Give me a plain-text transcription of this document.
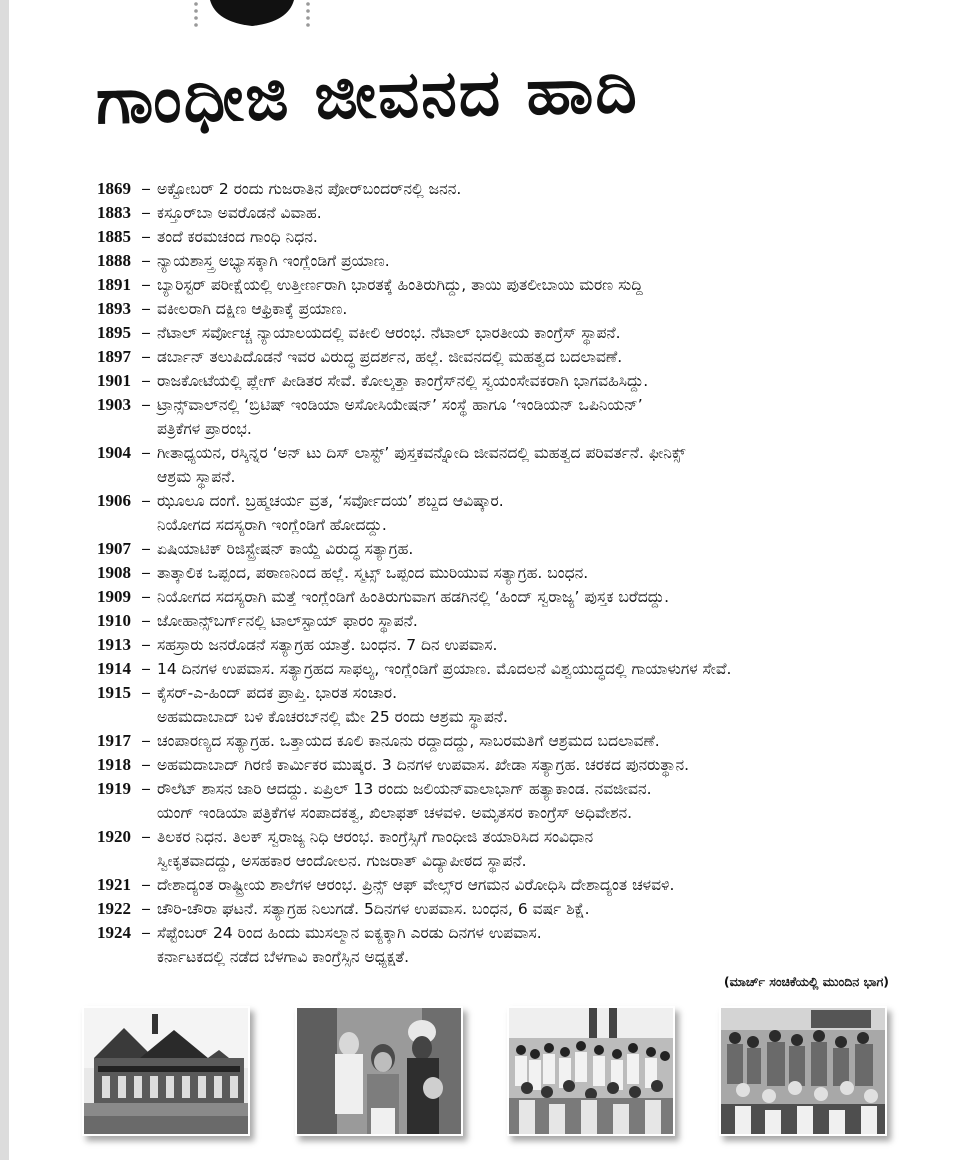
ಗಾಂಧೀಜಿ ಜೀವನದ ಹಾದಿ
1869 – ಅಕ್ಟೋಬರ್ 2 ರಂದು ಗುಜರಾತಿನ ಪೋರ್‌ಬಂದರ್‌ನಲ್ಲಿ ಜನನ.
1883 – ಕಸ್ತೂರ್‌ಬಾ ಅವರೊಡನೆ ವಿವಾಹ.
1885 – ತಂದೆ ಕರಮಚಂದ ಗಾಂಧಿ ನಿಧನ.
1888 – ನ್ಯಾಯಶಾಸ್ತ್ರ ಅಭ್ಯಾಸಕ್ಕಾಗಿ ಇಂಗ್ಲೆಂಡಿಗೆ ಪ್ರಯಾಣ.
1891 – ಬ್ಯಾರಿಸ್ಟರ್ ಪರೀಕ್ಷೆಯಲ್ಲಿ ಉತ್ತೀರ್ಣರಾಗಿ ಭಾರತಕ್ಕೆ ಹಿಂತಿರುಗಿದ್ದು, ತಾಯಿ ಪುತಲೀಬಾಯಿ ಮರಣ ಸುದ್ದಿ
1893 – ವಕೀಲರಾಗಿ ದಕ್ಷಿಣ ಆಫ್ರಿಕಾಕ್ಕೆ ಪ್ರಯಾಣ.
1895 – ನೆಟಾಲ್ ಸರ್ವೋಚ್ಚ ನ್ಯಾಯಾಲಯದಲ್ಲಿ ವಕೀಲಿ ಆರಂಭ. ನೆಟಾಲ್ ಭಾರತೀಯ ಕಾಂಗ್ರೆಸ್ ಸ್ಥಾಪನೆ.
1897 – ಡರ್ಬಾನ್ ತಲುಪಿದೊಡನೆ ಇವರ ವಿರುದ್ಧ ಪ್ರದರ್ಶನ, ಹಲ್ಲೆ. ಜೀವನದಲ್ಲಿ ಮಹತ್ವದ ಬದಲಾವಣೆ.
1901 – ರಾಜಕೋಟೆಯಲ್ಲಿ ಪ್ಲೇಗ್ ಪೀಡಿತರ ಸೇವೆ. ಕೋಲ್ಕತ್ತಾ ಕಾಂಗ್ರೆಸ್‌ನಲ್ಲಿ ಸ್ವಯಂಸೇವಕರಾಗಿ ಭಾಗವಹಿಸಿದ್ದು.
1903 – ಟ್ರಾನ್ಸ್‌ವಾಲ್‌ನಲ್ಲಿ ‘ಬ್ರಿಟಿಷ್ ಇಂಡಿಯಾ ಅಸೋಸಿಯೇಷನ್’ ಸಂಸ್ಥೆ ಹಾಗೂ ‘ಇಂಡಿಯನ್ ಒಪಿನಿಯನ್’
ಪತ್ರಿಕೆಗಳ ಪ್ರಾರಂಭ.
1904 – ಗೀತಾಧ್ಯಯನ, ರಸ್ಕಿನ್ನರ ‘ಅನ್ ಟು ದಿಸ್ ಲಾಸ್ಟ್’ ಪುಸ್ತಕವನ್ನೋದಿ ಜೀವನದಲ್ಲಿ ಮಹತ್ವದ ಪರಿವರ್ತನೆ. ಫೀನಿಕ್ಸ್
ಆಶ್ರಮ ಸ್ಥಾಪನೆ.
1906 – ಝೂಲೂ ದಂಗೆ. ಬ್ರಹ್ಮಚರ್ಯ ವ್ರತ, ‘ಸರ್ವೋದಯ’ ಶಬ್ದದ ಆವಿಷ್ಕಾರ.
ನಿಯೋಗದ ಸದಸ್ಯರಾಗಿ ಇಂಗ್ಲೆಂಡಿಗೆ ಹೋದದ್ದು.
1907 – ಏಷಿಯಾಟಿಕ್ ರಿಜಿಸ್ಟ್ರೇಷನ್ ಕಾಯ್ದೆ ವಿರುದ್ಧ ಸತ್ಯಾಗ್ರಹ.
1908 – ತಾತ್ಕಾಲಿಕ ಒಪ್ಪಂದ, ಪಠಾಣನಿಂದ ಹಲ್ಲೆ. ಸ್ಮಟ್ಸ್ ಒಪ್ಪಂದ ಮುರಿಯುವ ಸತ್ಯಾಗ್ರಹ. ಬಂಧನ.
1909 – ನಿಯೋಗದ ಸದಸ್ಯರಾಗಿ ಮತ್ತೆ ಇಂಗ್ಲೆಂಡಿಗೆ ಹಿಂತಿರುಗುವಾಗ ಹಡಗಿನಲ್ಲಿ ‘ಹಿಂದ್ ಸ್ವರಾಜ್ಯ’ ಪುಸ್ತಕ ಬರೆದದ್ದು.
1910 – ಜೋಹಾನ್ಸ್‌ಬರ್ಗ್‌ನಲ್ಲಿ ಟಾಲ್‌ಸ್ಟಾಯ್ ಫಾರಂ ಸ್ಥಾಪನೆ.
1913 – ಸಹಸ್ರಾರು ಜನರೊಡನೆ ಸತ್ಯಾಗ್ರಹ ಯಾತ್ರೆ. ಬಂಧನ. 7 ದಿನ ಉಪವಾಸ.
1914 – 14 ದಿನಗಳ ಉಪವಾಸ. ಸತ್ಯಾಗ್ರಹದ ಸಾಫಲ್ಯ, ಇಂಗ್ಲೆಂಡಿಗೆ ಪ್ರಯಾಣ. ಮೊದಲನೆ ವಿಶ್ವಯುದ್ಧದಲ್ಲಿ ಗಾಯಾಳುಗಳ ಸೇವೆ.
1915 – ಕೈಸರ್-ಎ-ಹಿಂದ್ ಪದಕ ಪ್ರಾಪ್ತಿ. ಭಾರತ ಸಂಚಾರ.
ಅಹಮದಾಬಾದ್ ಬಳಿ ಕೊಚರಬ್‌ನಲ್ಲಿ ಮೇ 25 ರಂದು ಆಶ್ರಮ ಸ್ಥಾಪನೆ.
1917 – ಚಂಪಾರಣ್ಯದ ಸತ್ಯಾಗ್ರಹ. ಒತ್ತಾಯದ ಕೂಲಿ ಕಾನೂನು ರದ್ದಾದದ್ದು, ಸಾಬರಮತಿಗೆ ಆಶ್ರಮದ ಬದಲಾವಣೆ.
1918 – ಅಹಮದಾಬಾದ್ ಗಿರಣಿ ಕಾರ್ಮಿಕರ ಮುಷ್ಕರ. 3 ದಿನಗಳ ಉಪವಾಸ. ಖೇಡಾ ಸತ್ಯಾಗ್ರಹ. ಚರಕದ ಪುನರುತ್ಥಾನ.
1919 – ರೌಲೆಟ್ ಶಾಸನ ಜಾರಿ ಆದದ್ದು. ಏಪ್ರಿಲ್ 13 ರಂದು ಜಲಿಯನ್‌ವಾಲಾಭಾಗ್ ಹತ್ಯಾಕಾಂಡ. ನವಜೀವನ.
ಯಂಗ್ ಇಂಡಿಯಾ ಪತ್ರಿಕೆಗಳ ಸಂಪಾದಕತ್ವ, ಖಿಲಾಫತ್ ಚಳವಳಿ. ಅಮೃತಸರ ಕಾಂಗ್ರೆಸ್ ಅಧಿವೇಶನ.
1920 – ತಿಲಕರ ನಿಧನ. ತಿಲಕ್ ಸ್ವರಾಜ್ಯ ನಿಧಿ ಆರಂಭ. ಕಾಂಗ್ರೆಸ್ಸಿಗೆ ಗಾಂಧೀಜಿ ತಯಾರಿಸಿದ ಸಂವಿಧಾನ
ಸ್ವೀಕೃತವಾದದ್ದು, ಅಸಹಕಾರ ಆಂದೋಲನ. ಗುಜರಾತ್ ವಿದ್ಯಾಪೀಠದ ಸ್ಥಾಪನೆ.
1921 – ದೇಶಾದ್ಯಂತ ರಾಷ್ಟ್ರೀಯ ಶಾಲೆಗಳ ಆರಂಭ. ಪ್ರಿನ್ಸ್ ಆಫ್ ವೇಲ್ಸ್‌ರ ಆಗಮನ ವಿರೋಧಿಸಿ ದೇಶಾದ್ಯಂತ ಚಳವಳಿ.
1922 – ಚೌರಿ-ಚೌರಾ ಘಟನೆ. ಸತ್ಯಾಗ್ರಹ ನಿಲುಗಡೆ. 5ದಿನಗಳ ಉಪವಾಸ. ಬಂಧನ, 6 ವರ್ಷ ಶಿಕ್ಷೆ.
1924 – ಸೆಪ್ಟೆಂಬರ್ 24 ರಿಂದ ಹಿಂದು ಮುಸಲ್ಮಾನ ಐಕ್ಯಕ್ಕಾಗಿ ಎರಡು ದಿನಗಳ ಉಪವಾಸ.
ಕರ್ನಾಟಕದಲ್ಲಿ ನಡೆದ ಬೆಳಗಾವಿ ಕಾಂಗ್ರೆಸ್ಸಿನ ಅಧ್ಯಕ್ಷತೆ.
(ಮಾರ್ಚ್ ಸಂಚಿಕೆಯಲ್ಲಿ ಮುಂದಿನ ಭಾಗ)
